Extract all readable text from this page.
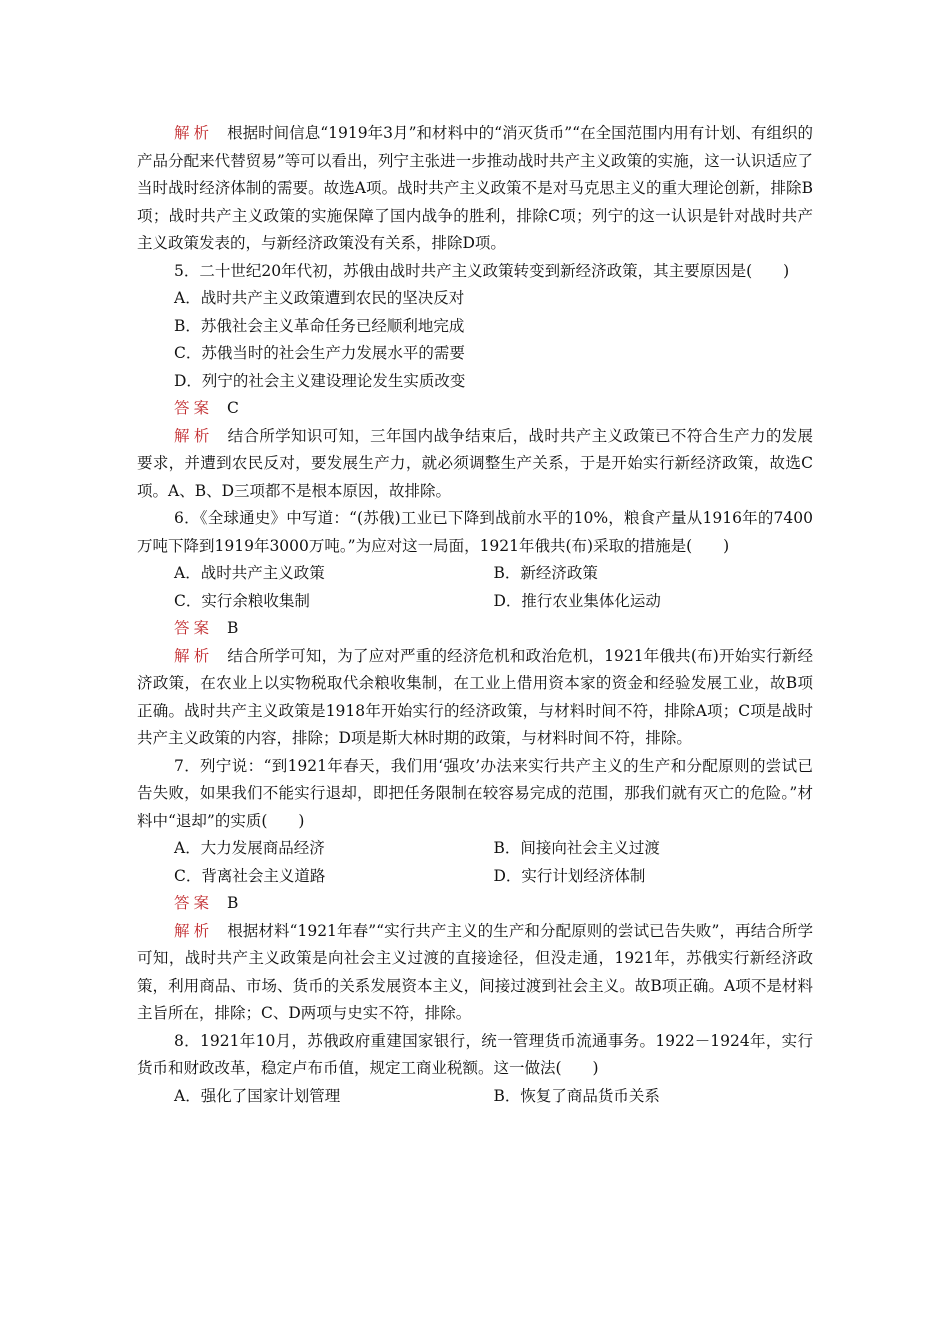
解析 根据时间信息“1919年3月”和材料中的“消灭货币”“在全国范围内用有计划、有组织的产品分配来代替贸易”等可以看出，列宁主张进一步推动战时共产主义政策的实施，这一认识适应了当时战时经济体制的需要。故选A项。战时共产主义政策不是对马克思主义的重大理论创新，排除B项；战时共产主义政策的实施保障了国内战争的胜利，排除C项；列宁的这一认识是针对战时共产主义政策发表的，与新经济政策没有关系，排除D项。

5．二十世纪20年代初，苏俄由战时共产主义政策转变到新经济政策，其主要原因是(　　)

A．战时共产主义政策遭到农民的坚决反对

B．苏俄社会主义革命任务已经顺利地完成

C．苏俄当时的社会生产力发展水平的需要

D．列宁的社会主义建设理论发生实质改变

答案 C

解析 结合所学知识可知，三年国内战争结束后，战时共产主义政策已不符合生产力的发展要求，并遭到农民反对，要发展生产力，就必须调整生产关系，于是开始实行新经济政策，故选C项。A、B、D三项都不是根本原因，故排除。

6．《全球通史》中写道：“(苏俄)工业已下降到战前水平的10%，粮食产量从1916年的7400万吨下降到1919年3000万吨。”为应对这一局面，1921年俄共(布)采取的措施是(　　)

A．战时共产主义政策	B．新经济政策
C．实行余粮收集制	D．推行农业集体化运动

答案 B

解析 结合所学可知，为了应对严重的经济危机和政治危机，1921年俄共(布)开始实行新经济政策，在农业上以实物税取代余粮收集制，在工业上借用资本家的资金和经验发展工业，故B项正确。战时共产主义政策是1918年开始实行的经济政策，与材料时间不符，排除A项；C项是战时共产主义政策的内容，排除；D项是斯大林时期的政策，与材料时间不符，排除。

7．列宁说：“到1921年春天，我们用‘强攻’办法来实行共产主义的生产和分配原则的尝试已告失败，如果我们不能实行退却，即把任务限制在较容易完成的范围，那我们就有灭亡的危险。”材料中“退却”的实质(　　)

A．大力发展商品经济	B．间接向社会主义过渡
C．背离社会主义道路	D．实行计划经济体制

答案 B

解析 根据材料“1921年春”“实行共产主义的生产和分配原则的尝试已告失败”，再结合所学可知，战时共产主义政策是向社会主义过渡的直接途径，但没走通，1921年，苏俄实行新经济政策，利用商品、市场、货币的关系发展资本主义，间接过渡到社会主义。故B项正确。A项不是材料主旨所在，排除；C、D两项与史实不符，排除。

8．1921年10月，苏俄政府重建国家银行，统一管理货币流通事务。1922－1924年，实行货币和财政改革，稳定卢布币值，规定工商业税额。这一做法(　　)

A．强化了国家计划管理	B．恢复了商品货币关系
